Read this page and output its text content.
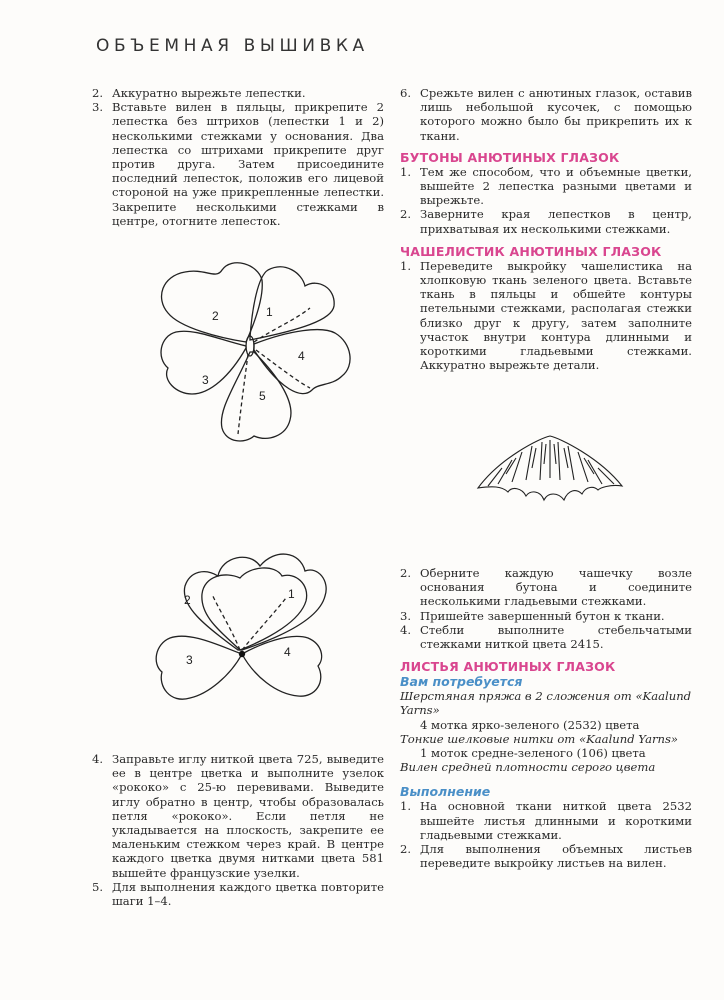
ОБЪЕМНАЯ ВЫШИВКА
2. Аккуратно вырежьте лепестки.
3. Вставьте вилен в пяльцы, прикрепите 2 лепестка без штрихов (лепестки 1 и 2) несколькими стежками у основания. Два лепестка со штрихами прикрепите друг против друга. Затем присоедините последний лепесток, положив его лицевой стороной на уже прикрепленные лепестки. Закрепите несколькими стежками в центре, отогните лепесток.
2	1
4
5
3
2	1
3
4
4. Заправьте иглу ниткой цвета 725, выведите ее в центре цветка и выполните узелок «рококо» с 25-ю перевивами. Выведите иглу обратно в центр, чтобы образовалась петля «рококо». Если петля не укладывается на плоскость, закрепите ее маленьким стежком через край. В центре каждого цветка двумя нитками цвета 581 вышейте французские узелки.
5. Для выполнения каждого цветка повторите шаги 1–4.
6. Срежьте вилен с анютиных глазок, оставив лишь небольшой кусочек, с помощью которого можно было бы прикрепить их к ткани.
БУТОНЫ АНЮТИНЫХ ГЛАЗОК
1. Тем же способом, что и объемные цветки, вышейте 2 лепестка разными цветами и вырежьте.
2. Заверните края лепестков в центр, прихватывая их несколькими стежками.
ЧАШЕЛИСТИК АНЮТИНЫХ ГЛАЗОК
1. Переведите выкройку чашелистика на хлопковую ткань зеленого цвета. Вставьте ткань в пяльцы и обшейте контуры петельными стежками, располагая стежки близко друг к другу, затем заполните участок внутри контура длинными и короткими гладьевыми стежками. Аккуратно вырежьте детали.
2. Оберните каждую чашечку возле основания бутона и соедините несколькими гладьевыми стежками.
3. Пришейте завершенный бутон к ткани.
4. Стебли выполните стебельчатыми стежками ниткой цвета 2415.
ЛИСТЬЯ АНЮТИНЫХ ГЛАЗОК
Вам потребуется

Шерстяная пряжа в 2 сложения от «Kaalund Yarns»

4 мотка ярко-зеленого (2532) цвета

Тонкие шелковые нитки от «Kaalund Yarns»

1 моток средне-зеленого (106) цвета

Вилен средней плотности серого цвета

Выполнение
1. На основной ткани ниткой цвета 2532 вышейте листья длинными и короткими гладьевыми стежками.
2. Для выполнения объемных листьев переведите выкройку листьев на вилен.
